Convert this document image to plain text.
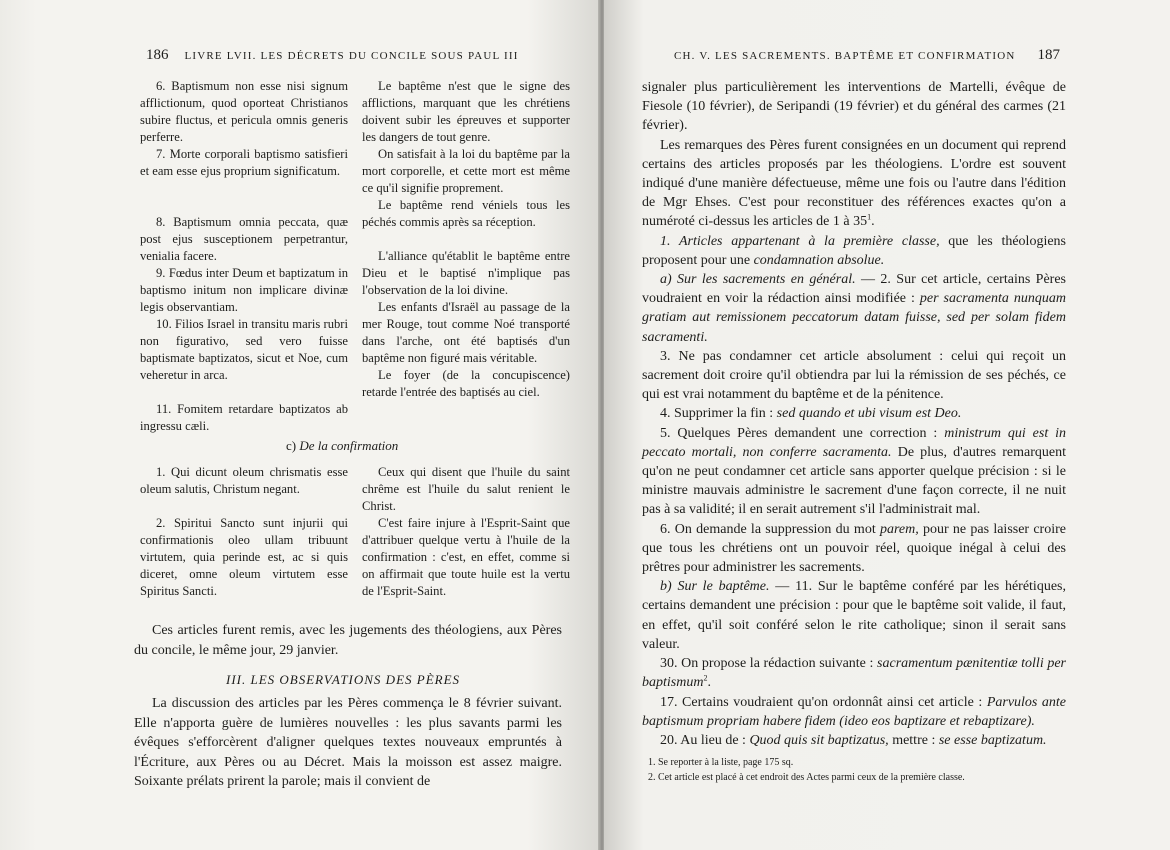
186 LIVRE LVII. LES DÉCRETS DU CONCILE SOUS PAUL III
6. Baptismum non esse nisi signum afflictionum, quod oporteat Christianos subire fluctus, et pericula omnis generis perferre.
7. Morte corporali baptismo satisfieri et eam esse ejus proprium significatum.
8. Baptismum omnia peccata, quæ post ejus susceptionem perpetrantur, venialia facere.
9. Fœdus inter Deum et baptizatum in baptismo initum non implicare divinæ legis observantiam.
10. Filios Israel in transitu maris rubri non figurativo, sed vero fuisse baptismate baptizatos, sicut et Noe, cum veheretur in arca.
11. Fomitem retardare baptizatos ab ingressu cæli.
Le baptême n'est que le signe des afflictions, marquant que les chrétiens doivent subir les épreuves et supporter les dangers de tout genre.
On satisfait à la loi du baptême par la mort corporelle, et cette mort est même ce qu'il signifie proprement.
Le baptême rend véniels tous les péchés commis après sa réception.
L'alliance qu'établit le baptême entre Dieu et le baptisé n'implique pas l'observation de la loi divine.
Les enfants d'Israël au passage de la mer Rouge, tout comme Noé transporté dans l'arche, ont été baptisés d'un baptême non figuré mais véritable.
Le foyer (de la concupiscence) retarde l'entrée des baptisés au ciel.
c) De la confirmation
1. Qui dicunt oleum chrismatis esse oleum salutis, Christum negant.
2. Spiritui Sancto sunt injurii qui confirmationis oleo ullam tribuunt virtutem, quia perinde est, ac si quis diceret, omne oleum virtutem esse Spiritus Sancti.
Ceux qui disent que l'huile du saint chrême est l'huile du salut renient le Christ.
C'est faire injure à l'Esprit-Saint que d'attribuer quelque vertu à l'huile de la confirmation : c'est, en effet, comme si on affirmait que toute huile est la vertu de l'Esprit-Saint.

Ces articles furent remis, avec les jugements des théologiens, aux Pères du concile, le même jour, 29 janvier.

III. LES OBSERVATIONS DES PÈRES

La discussion des articles par les Pères commença le 8 février suivant. Elle n'apporta guère de lumières nouvelles : les plus savants parmi les évêques s'efforcèrent d'aligner quelques textes nouveaux empruntés à l'Écriture, aux Pères ou au Décret. Mais la moisson est assez maigre. Soixante prélats prirent la parole; mais il convient de

CH. V. LES SACREMENTS. BAPTÊME ET CONFIRMATION 187

signaler plus particulièrement les interventions de Martelli, évêque de Fiesole (10 février), de Seripandi (19 février) et du général des carmes (21 février).

Les remarques des Pères furent consignées en un document qui reprend certains des articles proposés par les théologiens. L'ordre est souvent indiqué d'une manière défectueuse, même une fois ou l'autre dans l'édition de Mgr Ehses. C'est pour reconstituer des références exactes qu'on a numéroté ci-dessus les articles de 1 à $35^1$.

1. Articles appartenant à la première classe, que les théologiens proposent pour une condamnation absolue.

a) Sur les sacrements en général. — 2. Sur cet article, certains Pères voudraient en voir la rédaction ainsi modifiée : per sacramenta nunquam gratiam aut remissionem peccatorum datam fuisse, sed per solam fidem sacramenti.

3. Ne pas condamner cet article absolument : celui qui reçoit un sacrement doit croire qu'il obtiendra par lui la rémission de ses péchés, ce qui est vrai notamment du baptême et de la pénitence.

4. Supprimer la fin : sed quando et ubi visum est Deo.

5. Quelques Pères demandent une correction : ministrum qui est in peccato mortali, non conferre sacramenta. De plus, d'autres remarquent qu'on ne peut condamner cet article sans apporter quelque précision : si le ministre mauvais administre le sacrement d'une façon correcte, il ne nuit pas à sa validité; il en serait autrement s'il l'administrait mal.

6. On demande la suppression du mot parem, pour ne pas laisser croire que tous les chrétiens ont un pouvoir réel, quoique inégal à celui des prêtres pour administrer les sacrements.

b) Sur le baptême. — 11. Sur le baptême conféré par les hérétiques, certains demandent une précision : pour que le baptême soit valide, il faut, en effet, qu'il soit conféré selon le rite catholique; sinon il serait sans valeur.

30. On propose la rédaction suivante : sacramentum pænitentiæ tolli per baptismum$^2$.

17. Certains voudraient qu'on ordonnât ainsi cet article : Parvulos ante baptismum propriam habere fidem (ideo eos baptizare et rebaptizare).

20. Au lieu de : Quod quis sit baptizatus, mettre : se esse baptizatum.

1. Se reporter à la liste, page 175 sq.
2. Cet article est placé à cet endroit des Actes parmi ceux de la première classe.
